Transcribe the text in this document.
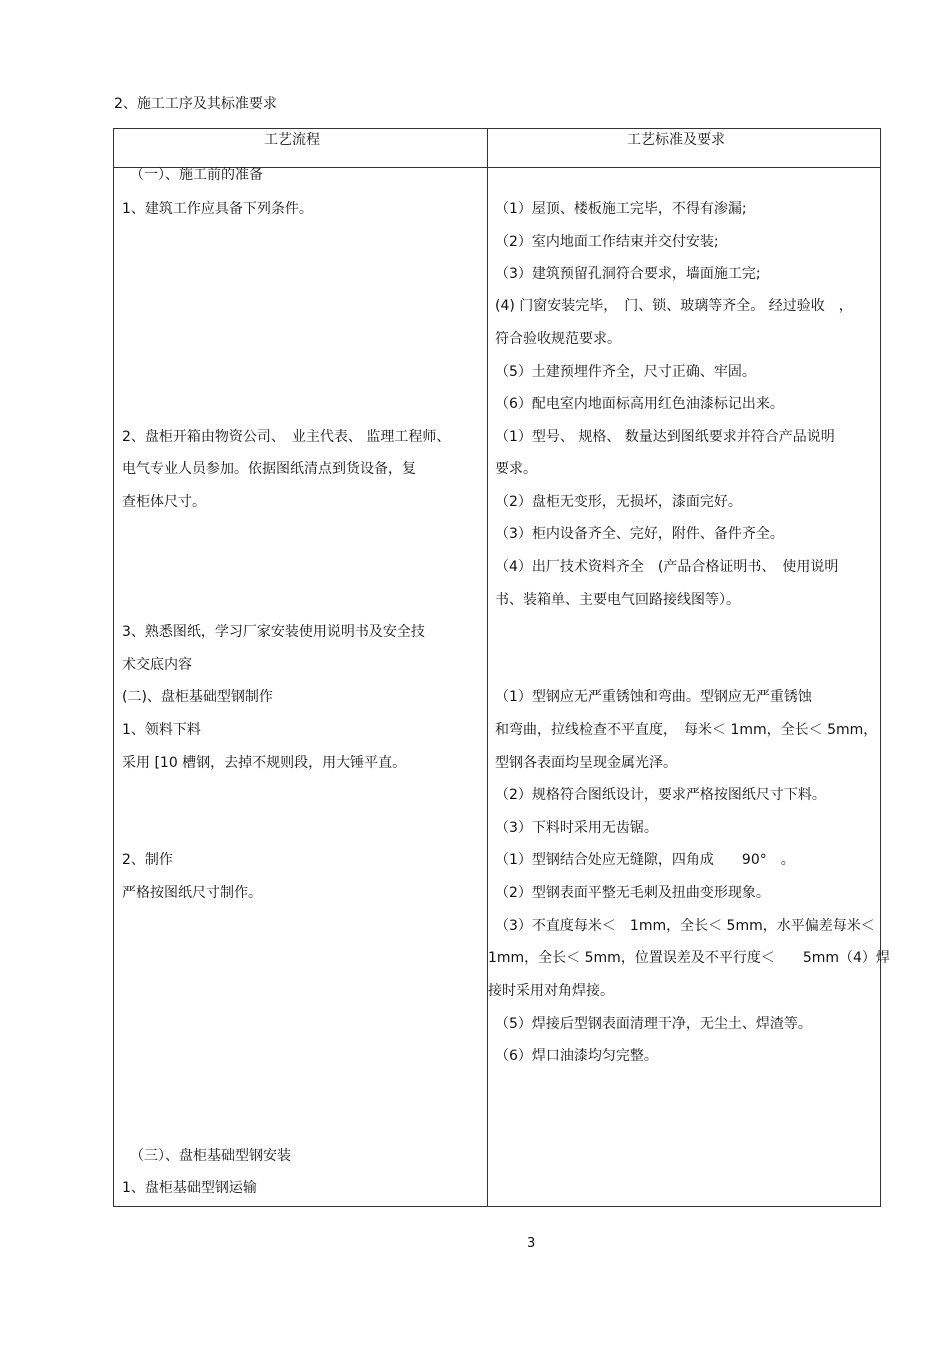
2、施工工序及其标准要求
工艺流程	工艺标准及要求
（一）、施工前的准备
1、建筑工作应具备下列条件。
2、盘柜开箱由物资公司、　业主代表、 监理工程师、
电气专业人员参加。依据图纸清点到货设备，复
查柜体尺寸。
3、熟悉图纸，学习厂家安装使用说明书及安全技
术交底内容
(二)、盘柜基础型钢制作
1、领料下料
采用 [10 槽钢，去掉不规则段，用大锤平直。
2、制作
严格按图纸尺寸制作。
（三）、盘柜基础型钢安装
1、盘柜基础型钢运输
（1）屋顶、楼板施工完毕，不得有渗漏;
（2）室内地面工作结束并交付安装;
（3）建筑预留孔洞符合要求，墙面施工完;
(4) 门窗安装完毕，　门、锁、玻璃等齐全。 经过验收　，
符合验收规范要求。
（5）土建预埋件齐全，尺寸正确、牢固。
（6）配电室内地面标高用红色油漆标记出来。
（1）型号、 规格、 数量达到图纸要求并符合产品说明
要求。
（2）盘柜无变形，无损坏，漆面完好。
（3）柜内设备齐全、完好，附件、备件齐全。
（4）出厂技术资料齐全　(产品合格证明书、　使用说明
书、装箱单、主要电气回路接线图等）。
（1）型钢应无严重锈蚀和弯曲。型钢应无严重锈蚀
和弯曲，拉线检查不平直度，　每米＜ 1mm，全长＜ 5mm，
型钢各表面均呈现金属光泽。
（2）规格符合图纸设计，要求严格按图纸尺寸下料。
（3）下料时采用无齿锯。
（1）型钢结合处应无缝隙，四角成　　90°　。
（2）型钢表面平整无毛刺及扭曲变形现象。
（3）不直度每米＜　1mm，全长＜ 5mm，水平偏差每米＜
1mm，全长＜ 5mm，位置误差及不平行度＜　　5mm（4）焊
接时采用对角焊接。
（5）焊接后型钢表面清理干净，无尘土、焊渣等。
（6）焊口油漆均匀完整。
3
